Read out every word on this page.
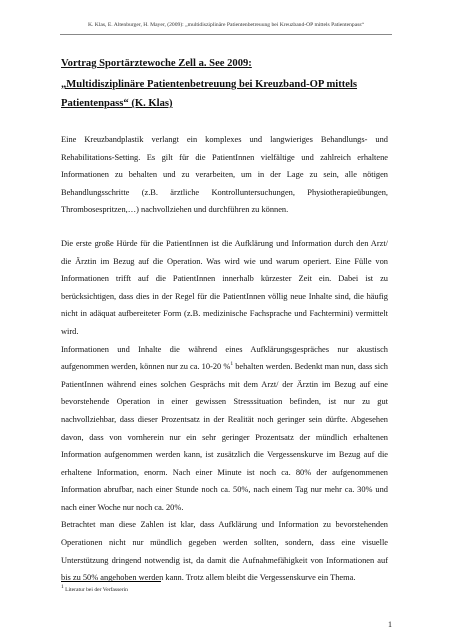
K. Klas, E. Altenburger, H. Mayer, (2009): „multidisziplinäre Patientenbetreuung bei Kreuzband-OP mittels Patientenpass“

Vortrag Sportärztewoche Zell a. See 2009:

„Multidisziplinäre Patientenbetreuung bei Kreuzband-OP mittels Patientenpass“ (K. Klas)

Eine Kreuzbandplastik verlangt ein komplexes und langwieriges Behandlungs- und Rehabilitations-Setting. Es gilt für die PatientInnen vielfältige und zahlreich erhaltene Informationen zu behalten und zu verarbeiten, um in der Lage zu sein, alle nötigen Behandlungsschritte (z.B. ärztliche Kontrolluntersuchungen, Physiotherapieübungen, Thrombosespritzen,…) nachvollziehen und durchführen zu können.

Die erste große Hürde für die PatientInnen ist die Aufklärung und Information durch den Arzt/ die Ärztin im Bezug auf die Operation. Was wird wie und warum operiert. Eine Fülle von Informationen trifft auf die PatientInnen innerhalb kürzester Zeit ein. Dabei ist zu berücksichtigen, dass dies in der Regel für die PatientInnen völlig neue Inhalte sind, die häufig nicht in adäquat aufbereiteter Form (z.B. medizinische Fachsprache und Fachtermini) vermittelt wird.

Informationen und Inhalte die während eines Aufklärungsgespräches nur akustisch aufgenommen werden, können nur zu ca. 10-20 %$^1$ behalten werden. Bedenkt man nun, dass sich PatientInnen während eines solchen Gesprächs mit dem Arzt/ der Ärztin im Bezug auf eine bevorstehende Operation in einer gewissen Stresssituation befinden, ist nur zu gut nachvollziehbar, dass dieser Prozentsatz in der Realität noch geringer sein dürfte. Abgesehen davon, dass von vornherein nur ein sehr geringer Prozentsatz der mündlich erhaltenen Information aufgenommen werden kann, ist zusätzlich die Vergessenskurve im Bezug auf die erhaltene Information, enorm. Nach einer Minute ist noch ca. 80% der aufgenommenen Information abrufbar, nach einer Stunde noch ca. 50%, nach einem Tag nur mehr ca. 30% und nach einer Woche nur noch ca. 20%.

Betrachtet man diese Zahlen ist klar, dass Aufklärung und Information zu bevorstehenden Operationen nicht nur mündlich gegeben werden sollten, sondern, dass eine visuelle Unterstützung dringend notwendig ist, da damit die Aufnahmefähigkeit von Informationen auf bis zu 50% angehoben werden kann. Trotz allem bleibt die Vergessenskurve ein Thema.

$^1$ Literatur bei der Verfasserin
1
